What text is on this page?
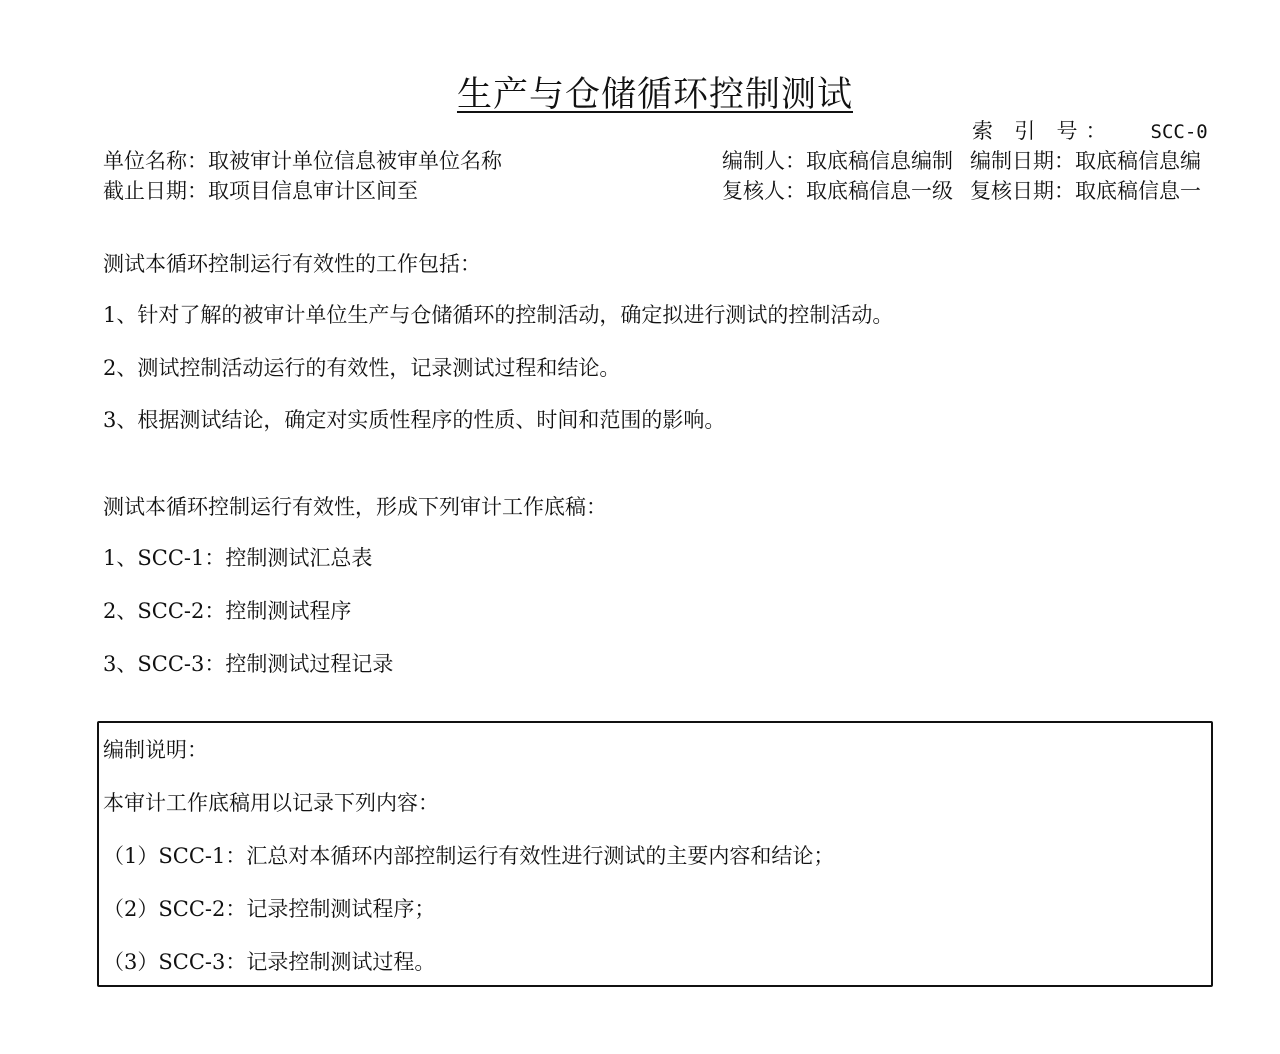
生产与仓储循环控制测试
索 引 号： SCC-0
单位名称：取被审计单位信息被审单位名称
截止日期：取项目信息审计区间至
编制人：取底稿信息编制 编制日期：取底稿信息编
复核人：取底稿信息一级 复核日期：取底稿信息一
测试本循环控制运行有效性的工作包括：
1、针对了解的被审计单位生产与仓储循环的控制活动，确定拟进行测试的控制活动。
2、测试控制活动运行的有效性，记录测试过程和结论。
3、根据测试结论，确定对实质性程序的性质、时间和范围的影响。
测试本循环控制运行有效性，形成下列审计工作底稿：
1、SCC-1：控制测试汇总表
2、SCC-2：控制测试程序
3、SCC-3：控制测试过程记录
编制说明：
本审计工作底稿用以记录下列内容：
（1）SCC-1：汇总对本循环内部控制运行有效性进行测试的主要内容和结论；
（2）SCC-2：记录控制测试程序；
（3）SCC-3：记录控制测试过程。
